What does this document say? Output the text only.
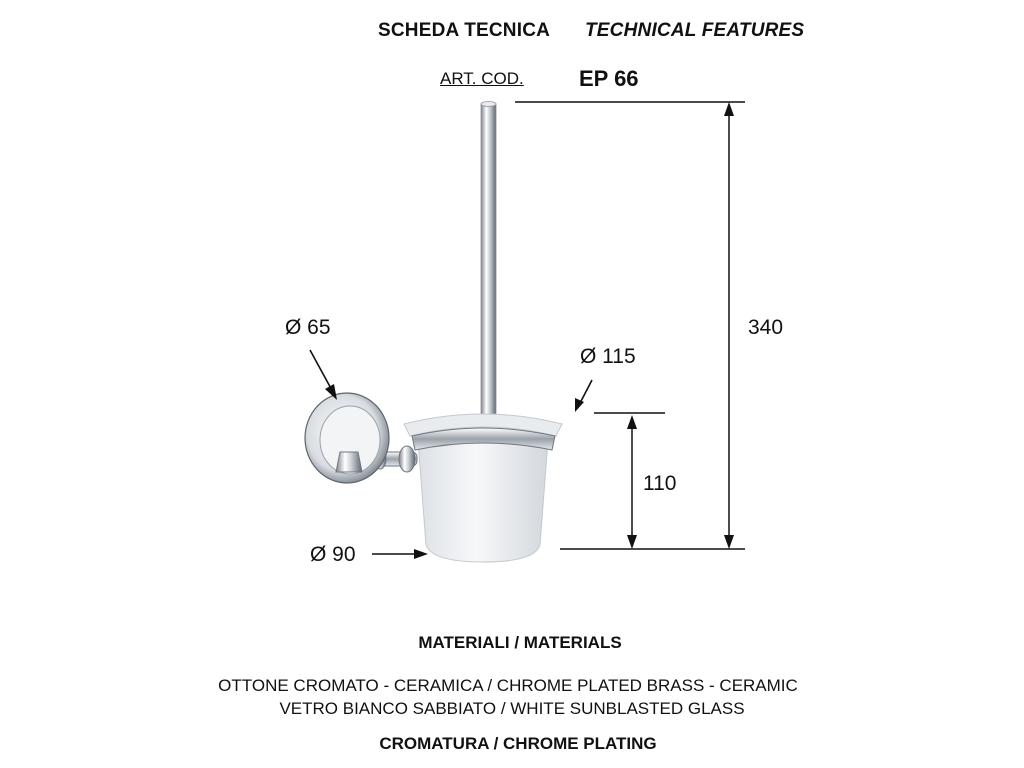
SCHEDA TECNICA TECHNICAL FEATURES
ART. COD.	EP 66
Ø 65
Ø 115
340
110
Ø 90
MATERIALI / MATERIALS
OTTONE CROMATO - CERAMICA / CHROME PLATED BRASS - CERAMIC
VETRO BIANCO SABBIATO / WHITE SUNBLASTED GLASS
CROMATURA / CHROME PLATING
